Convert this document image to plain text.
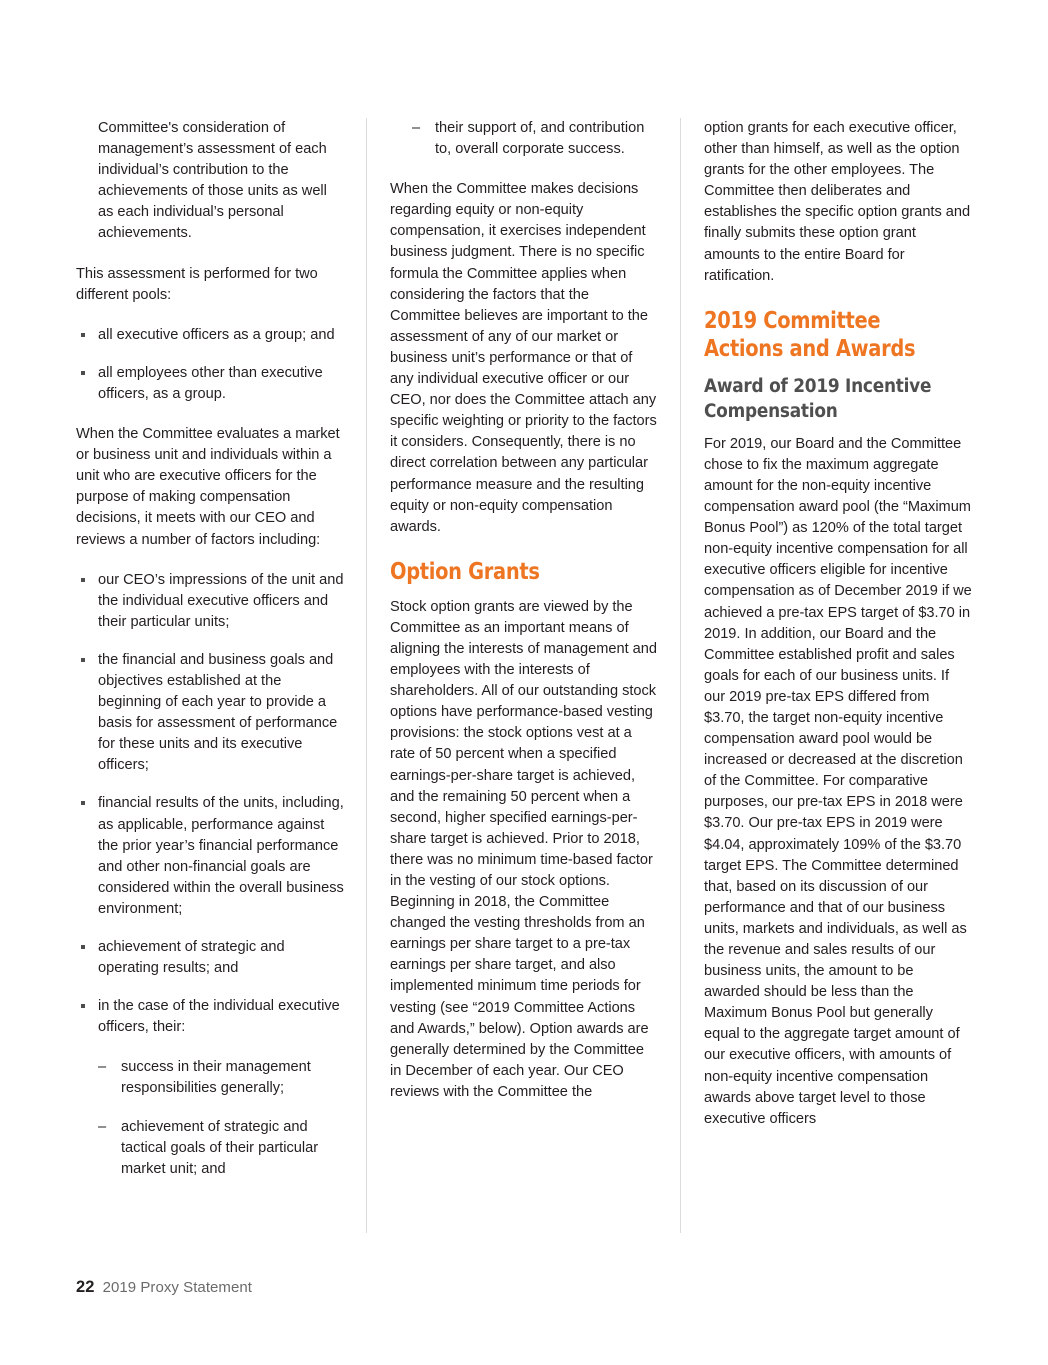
Committee's consideration of management’s assessment of each individual’s contribution to the achievements of those units as well as each individual’s personal achievements.

This assessment is performed for two different pools:

all executive officers as a group; and
all employees other than executive officers, as a group.

When the Committee evaluates a market or business unit and individuals within a unit who are executive officers for the purpose of making compensation decisions, it meets with our CEO and reviews a number of factors including:

our CEO’s impressions of the unit and the individual executive officers and their particular units;
the financial and business goals and objectives established at the beginning of each year to provide a basis for assessment of performance for these units and its executive officers;
financial results of the units, including, as applicable, performance against the prior year’s financial performance and other non-financial goals are considered within the overall business environment;
achievement of strategic and operating results; and
in the case of the individual executive officers, their:
– success in their management responsibilities generally;
– achievement of strategic and tactical goals of their particular market unit; and
– their support of, and contribution to, overall corporate success.

When the Committee makes decisions regarding equity or non-equity compensation, it exercises independent business judgment. There is no specific formula the Committee applies when considering the factors that the Committee believes are important to the assessment of any of our market or business unit’s performance or that of any individual executive officer or our CEO, nor does the Committee attach any specific weighting or priority to the factors it considers. Consequently, there is no direct correlation between any particular performance measure and the resulting equity or non-equity compensation awards.

Option Grants

Stock option grants are viewed by the Committee as an important means of aligning the interests of management and employees with the interests of shareholders. All of our outstanding stock options have performance-based vesting provisions: the stock options vest at a rate of 50 percent when a specified earnings-per-share target is achieved, and the remaining 50 percent when a second, higher specified earnings-per-share target is achieved. Prior to 2018, there was no minimum time-based factor in the vesting of our stock options. Beginning in 2018, the Committee changed the vesting thresholds from an earnings per share target to a pre-tax earnings per share target, and also implemented minimum time periods for vesting (see “2019 Committee Actions and Awards,” below). Option awards are generally determined by the Committee in December of each year. Our CEO reviews with the Committee the

option grants for each executive officer, other than himself, as well as the option grants for the other employees. The Committee then deliberates and establishes the specific option grants and finally submits these option grant amounts to the entire Board for ratification.

2019 Committee Actions and Awards
Award of 2019 Incentive Compensation

For 2019, our Board and the Committee chose to fix the maximum aggregate amount for the non-equity incentive compensation award pool (the “Maximum Bonus Pool”) as 120% of the total target non-equity incentive compensation for all executive officers eligible for incentive compensation as of December 2019 if we achieved a pre-tax EPS target of $3.70 in 2019. In addition, our Board and the Committee established profit and sales goals for each of our business units. If our 2019 pre-tax EPS differed from $3.70, the target non-equity incentive compensation award pool would be increased or decreased at the discretion of the Committee. For comparative purposes, our pre-tax EPS in 2018 were $3.70. Our pre-tax EPS in 2019 were $4.04, approximately 109% of the $3.70 target EPS. The Committee determined that, based on its discussion of our performance and that of our business units, markets and individuals, as well as the revenue and sales results of our business units, the amount to be awarded should be less than the Maximum Bonus Pool but generally equal to the aggregate target amount of our executive officers, with amounts of non-equity incentive compensation awards above target level to those executive officers

22 2019 Proxy Statement
